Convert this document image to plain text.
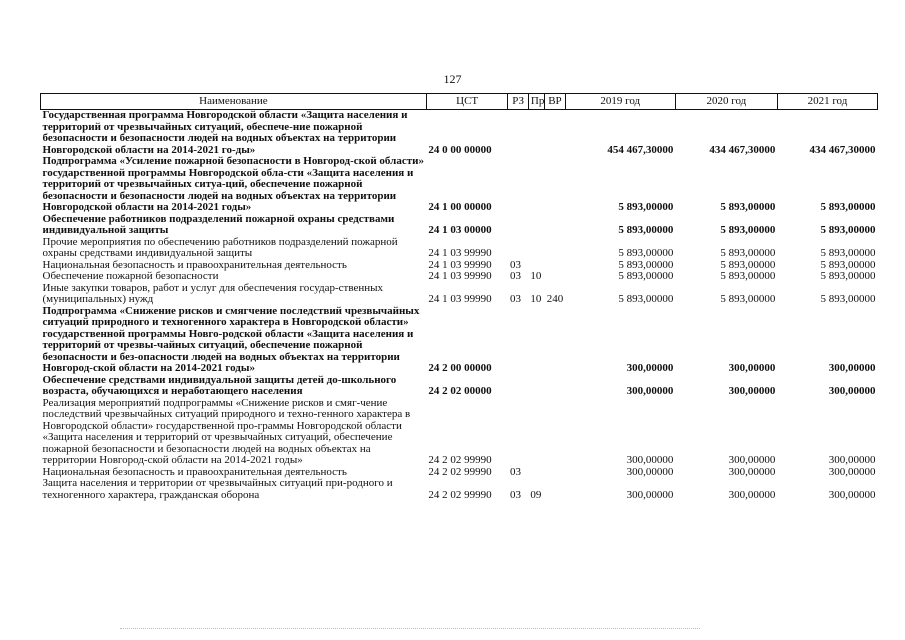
127
Наименование	ЦСТ	РЗ	Пр	ВР	2019 год	2020 год	2021 год
Государственная программа Новгородской области «Защита населения и территорий от чрезвычайных ситуаций, обеспече-ние пожарной безопасности и безопасности людей на водных объектах на территории Новгородской области на 2014-2021 го-ды»	24 0 00 00000				454 467,30000	434 467,30000	434 467,30000
Подпрограмма «Усиление пожарной безопасности в Новгород-ской области» государственной программы Новгородской обла-сти «Защита населения и территорий от чрезвычайных ситуа-ций, обеспечение пожарной безопасности и безопасности людей на водных объектах на территории Новгородской области на 2014-2021 годы»	24 1 00 00000				5 893,00000	5 893,00000	5 893,00000
Обеспечение работников подразделений пожарной охраны средствами индивидуальной защиты	24 1 03 00000				5 893,00000	5 893,00000	5 893,00000
Прочие мероприятия по обеспечению работников подразделений пожарной охраны средствами индивидуальной защиты	24 1 03 99990				5 893,00000	5 893,00000	5 893,00000
Национальная безопасность и правоохранительная деятельность	24 1 03 99990	03			5 893,00000	5 893,00000	5 893,00000
Обеспечение пожарной безопасности	24 1 03 99990	03	10		5 893,00000	5 893,00000	5 893,00000
Иные закупки товаров, работ и услуг для обеспечения государ-ственных (муниципальных) нужд	24 1 03 99990	03	10	240	5 893,00000	5 893,00000	5 893,00000
Подпрограмма «Снижение рисков и смягчение последствий чрезвычайных ситуаций природного и техногенного характера в Новгородской области» государственной программы Новго-родской области «Защита населения и территорий от чрезвы-чайных ситуаций, обеспечение пожарной безопасности и без-опасности людей на водных объектах на территории Новгород-ской области на 2014-2021 годы»	24 2 00 00000				300,00000	300,00000	300,00000
Обеспечение средствами индивидуальной защиты детей до-школьного возраста, обучающихся и неработающего населения	24 2 02 00000				300,00000	300,00000	300,00000
Реализация мероприятий подпрограммы «Снижение рисков и смяг-чение последствий чрезвычайных ситуаций природного и техно-генного характера в Новгородской области» государственной про-граммы Новгородской области «Защита населения и территорий от чрезвычайных ситуаций, обеспечение пожарной безопасности и безопасности людей на водных объектах на территории Новгород-ской области на 2014-2021 годы»	24 2 02 99990				300,00000	300,00000	300,00000
Национальная безопасность и правоохранительная деятельность	24 2 02 99990	03			300,00000	300,00000	300,00000
Защита населения и территории от чрезвычайных ситуаций при-родного и техногенного характера, гражданская оборона	24 2 02 99990	03	09		300,00000	300,00000	300,00000
